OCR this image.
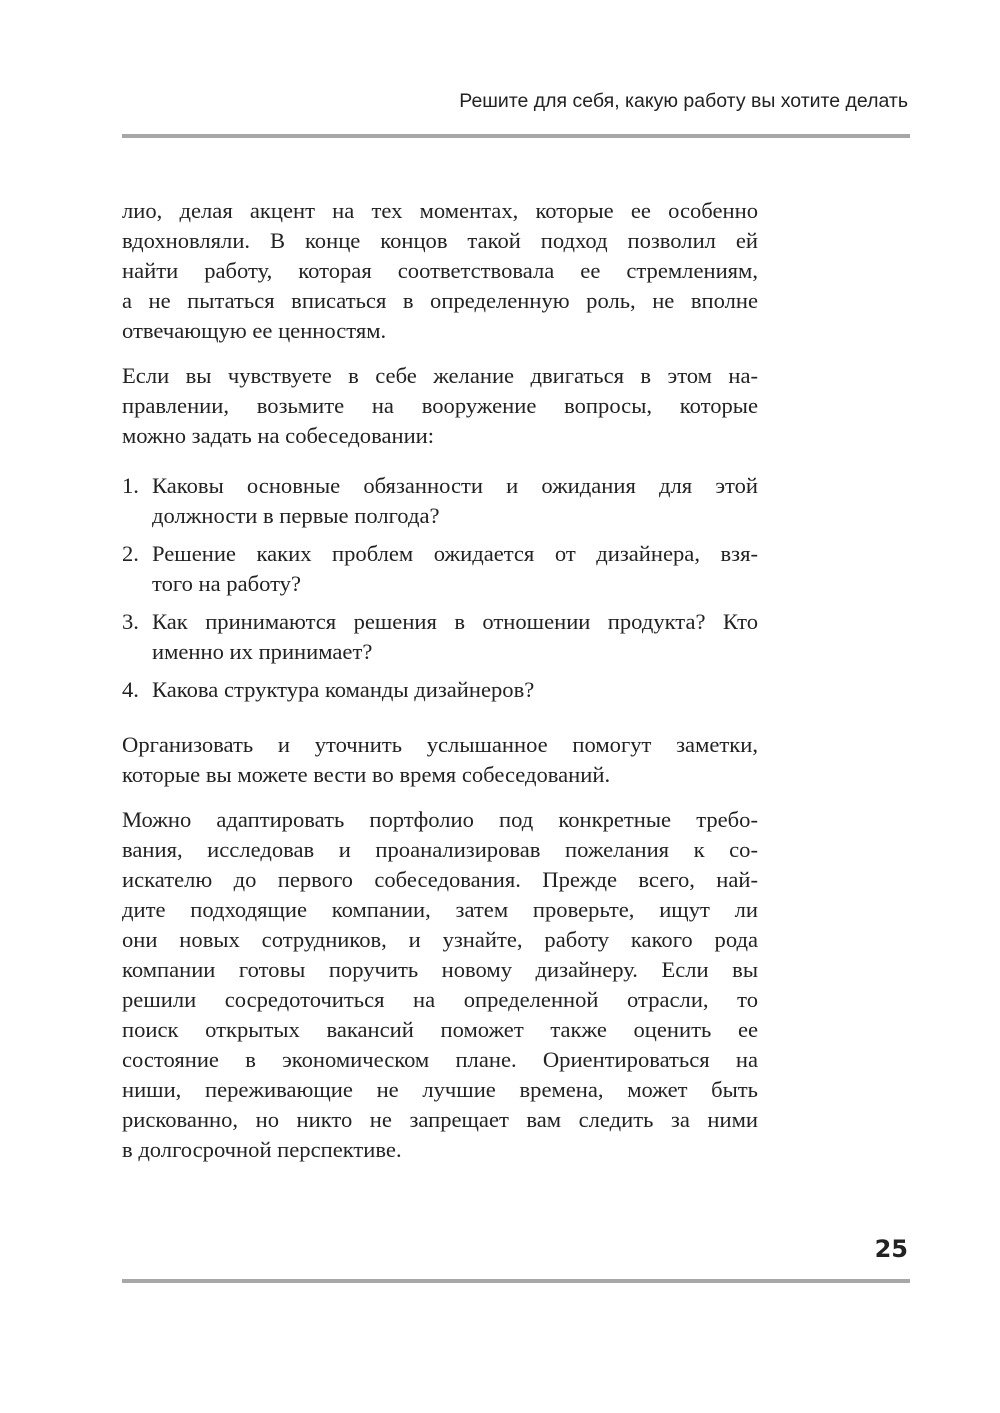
Решите для себя, какую работу вы хотите делать

лио, делая акцент на тех моментах, которые ее особенно
вдохновляли. В конце концов такой подход позволил ей
найти работу, которая соответствовала ее стремлениям,
а не пытаться вписаться в определенную роль, не вполне
отвечающую ее ценностям.

Если вы чувствуете в себе желание двигаться в этом на-
правлении, возьмите на вооружение вопросы, которые
можно задать на собеседовании:

1. Каковы основные обязанности и ожидания для этой
должности в первые полгода?
2. Решение каких проблем ожидается от дизайнера, взя-
того на работу?
3. Как принимаются решения в отношении продукта? Кто
именно их принимает?
4. Какова структура команды дизайнеров?

Организовать и уточнить услышанное помогут заметки,
которые вы можете вести во время собеседований.

Можно адаптировать портфолио под конкретные требо-
вания, исследовав и проанализировав пожелания к со-
искателю до первого собеседования. Прежде всего, най-
дите подходящие компании, затем проверьте, ищут ли
они новых сотрудников, и узнайте, работу какого рода
компании готовы поручить новому дизайнеру. Если вы
решили сосредоточиться на определенной отрасли, то
поиск открытых вакансий поможет также оценить ее
состояние в экономическом плане. Ориентироваться на
ниши, переживающие не лучшие времена, может быть
рискованно, но никто не запрещает вам следить за ними
в долгосрочной перспективе.

25
